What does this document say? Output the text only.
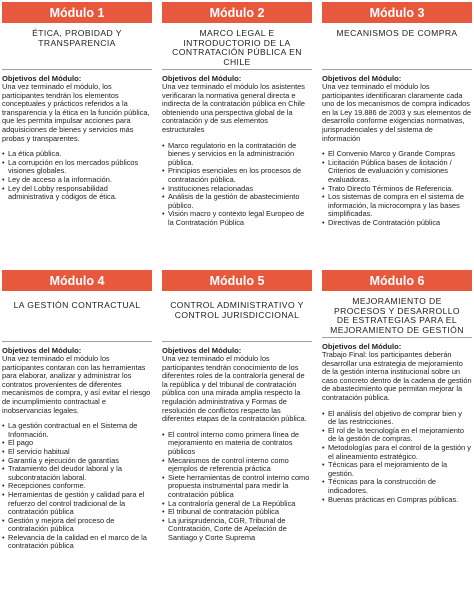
Módulo 1
ÉTICA, PROBIDAD Y TRANSPARENCIA
Objetivos del Módulo:
Una vez terminado el módulo, los participantes tendrán los elementos conceptuales y prácticos referidos a la transparencia y la ética en la función pública, que les permita impulsar acciones para adquisiciones de bienes y servicios más probas y transparentes.
• La ética pública.
• La corrupción en los mercados públicos visiones globales.
• Ley de acceso a la información.
• Ley del Lobby responsabilidad administrativa y códigos de ética.
Módulo 2
MARCO LEGAL E INTRODUCTORIO DE LA CONTRATACIÓN PÚBLICA EN CHILE
Objetivos del Módulo:
Una vez terminado el módulo los asistentes verificaran la normativa general directa e indirecta de la contratación pública en Chile obteniendo una perspectiva global de la contratación y de sus elementos estructurales
• Marco regulatorio en la contratación de bienes y servicios en la administración pública.
• Principios esenciales en los procesos de contratación pública.
• Instituciones relacionadas
• Análisis de la gestión de abastecimiento público.
• Visión macro y contexto legal Europeo de la Contratación Pública
Módulo 3
MECANISMOS DE COMPRA
Objetivos del Módulo:
Una vez terminado el módulo los participantes identificaran claramente cada uno de los mecanismos de compra indicados en la Ley 19.886 de 2003 y sus elementos de desarrollo conforme exigencias normativas, jurisprudenciales y del sistema de información
• El Convenio Marco y Grande Compras
• Licitación Pública bases de licitación / Criterios de evaluación y comisiones evaluadoras.
• Trato Directo Términos de Referencia.
• Los sistemas de compra en el sistema de información, la microcompra y las bases simplificadas.
• Directivas de Contratación pública
Módulo 4
LA GESTIÓN CONTRACTUAL
Objetivos del Módulo:
Una vez terminado el módulo los participantes contaran con las herramientas para elaborar, analizar y administrar los contratos provenientes de diferentes mecanismos de compra, y así evitar el riesgo de incumplimiento contractual e inobservancias legales.
• La gestión contractual en el Sistema de Información.
• El pago
• El servicio habitual
• Garantía y ejecución de garantías
• Tratamiento del deudor laboral y la subcontratación laboral.
• Recepciones conforme.
• Herramientas de gestión y calidad para el refuerzo del control tradicional de la contratación pública
• Gestión y mejora del proceso de contratación pública
• Relevancia de la calidad en el marco de la contratación pública
Módulo 5
CONTROL ADMINISTRATIVO Y CONTROL JURISDICCIONAL
Objetivos del Módulo:
Una vez terminado el módulo los participantes tendrán conocimiento de los diferentes roles de la contraloría general de la república y del tribunal de contratación pública con una mirada amplia respecto la regulación administrativa y Formas de resolución de conflictos respecto las diferentes etapas de la contratación pública.
• El control interno como primera línea de mejoramiento en materia de contratos públicos
• Mecanismos de control interno como ejemplos de referencia práctica
• Siete herramientas de control interno como propuesta instrumental para medir la contratación pública
• La contraloría general de La República
• El tribunal de contratación pública
• La jurisprudencia, CGR, Tribunal de Contratación, Corte de Apelación de Santiago y Corte Suprema
Módulo 6
MEJORAMIENTO DE PROCESOS Y DESARROLLO DE ESTRATEGIAS PARA EL MEJORAMIENTO DE GESTIÓN
Objetivos del Módulo:
Trabajo Final: los participantes deberán desarrollar una estrategia de mejoramiento de la gestión interna institucional sobre un caso concreto dentro de la cadena de gestión de abastecimiento que permitan mejorar la contratación pública.
• El análisis del objetivo de comprar bien y de las restricciones.
• El rol de la tecnología en el mejoramiento de la gestión de compras.
• Metodologías para el control de la gestión y el alineamiento estratégico.
• Técnicas para el mejoramiento de la gestión.
• Técnicas para la construcción de indicadores.
• Buenas prácticas en Compras públicas.
